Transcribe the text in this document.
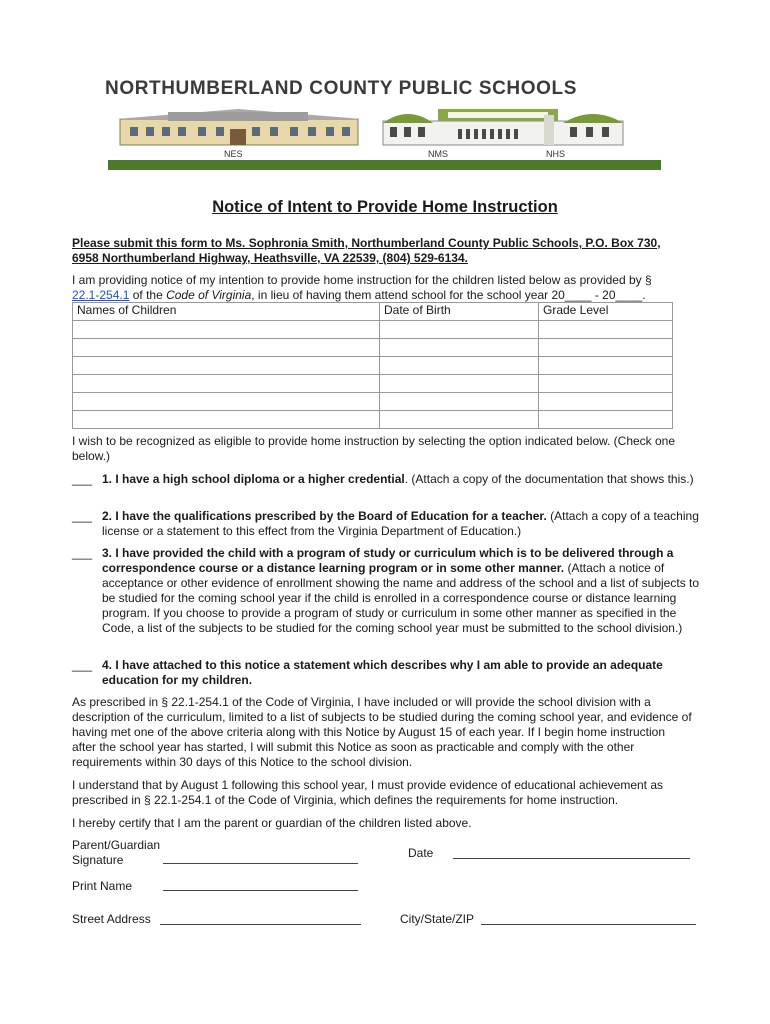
NORTHUMBERLAND COUNTY PUBLIC SCHOOLS
NES	NMS	NHS
Notice of Intent to Provide Home Instruction
Please submit this form to Ms. Sophronia Smith, Northumberland County Public Schools, P.O. Box 730,
6958 Northumberland Highway, Heathsville, VA 22539, (804) 529-6134.
I am providing notice of my intention to provide home instruction for the children listed below as provided by §
22.1-254.1 of the Code of Virginia, in lieu of having them attend school for the school year 20____ - 20____.
Names of Children	Date of Birth	Grade Level

I wish to be recognized as eligible to provide home instruction by selecting the option indicated below. (Check one below.)
___ 1. I have a high school diploma or a higher credential. (Attach a copy of the documentation that shows this.)
___ 2. I have the qualifications prescribed by the Board of Education for a teacher. (Attach a copy of a teaching license or a statement to this effect from the Virginia Department of Education.)
___ 3. I have provided the child with a program of study or curriculum which is to be delivered through a correspondence course or a distance learning program or in some other manner. (Attach a notice of acceptance or other evidence of enrollment showing the name and address of the school and a list of subjects to be studied for the coming school year if the child is enrolled in a correspondence course or distance learning program. If you choose to provide a program of study or curriculum in some other manner as specified in the Code, a list of the subjects to be studied for the coming school year must be submitted to the school division.)
___ 4. I have attached to this notice a statement which describes why I am able to provide an adequate education for my children.
As prescribed in § 22.1-254.1 of the Code of Virginia, I have included or will provide the school division with a description of the curriculum, limited to a list of subjects to be studied during the coming school year, and evidence of having met one of the above criteria along with this Notice by August 15 of each year. If I begin home instruction after the school year has started, I will submit this Notice as soon as practicable and comply with the other requirements within 30 days of this Notice to the school division.
I understand that by August 1 following this school year, I must provide evidence of educational achievement as prescribed in § 22.1-254.1 of the Code of Virginia, which defines the requirements for home instruction.
I hereby certify that I am the parent or guardian of the children listed above.
Parent/Guardian
Signature	Date
Print Name
Street Address	City/State/ZIP
